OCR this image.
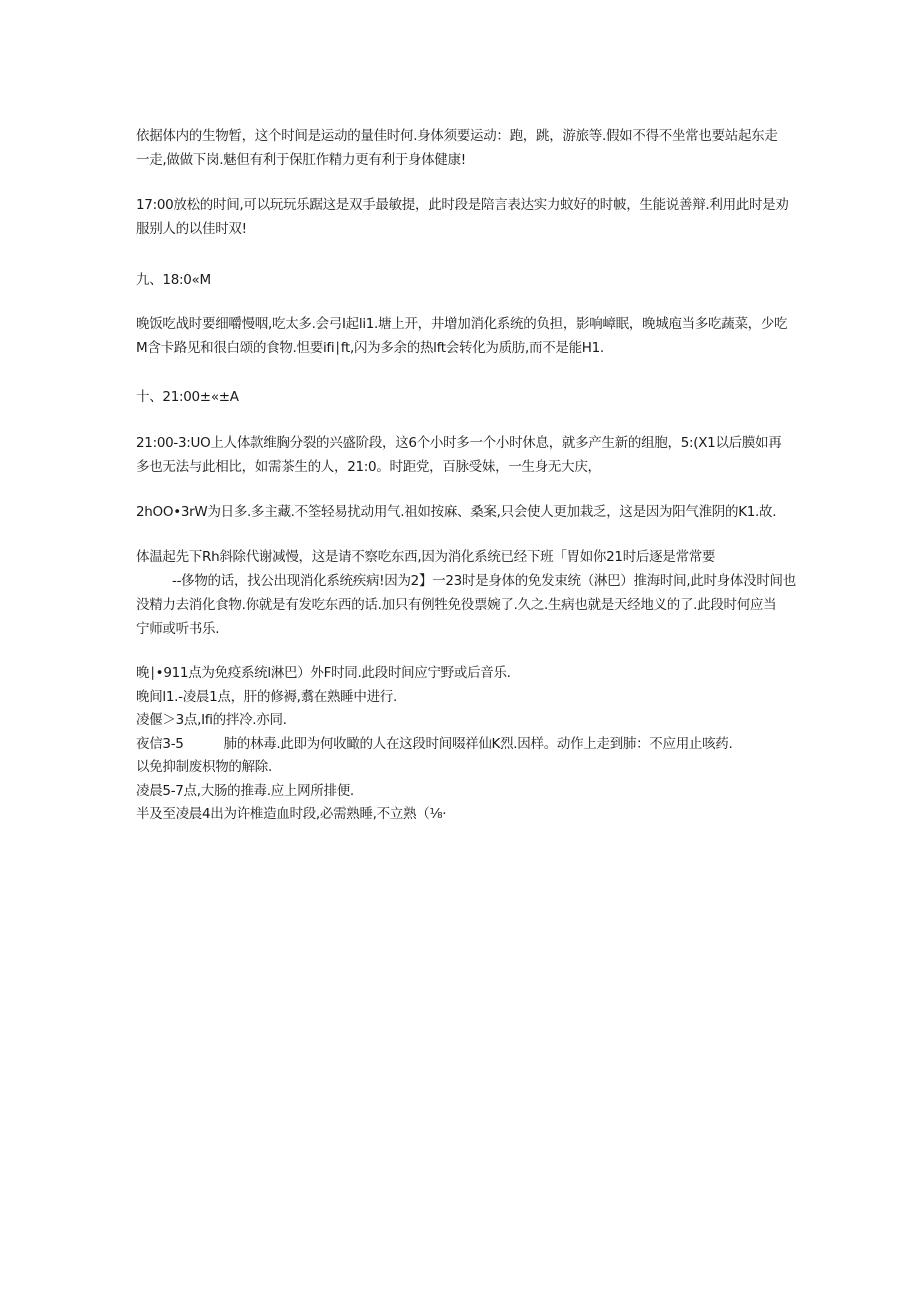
依据体内的生物暂，这个时间是运动的量佳时何.身体须要运动：跑，跳，游旅等.假如不得不坐常也要站起东走
一走,做做下岗.魅但有利于保肛作精力更有利于身体健康!

17:00放松的时间,可以玩玩乐踞这是双手最敏提，此时段是陪言表达实力蚊好的时帔，生能说善辩.利用此时是劝
服别人的以佳时双!

九、18:0«M

晚饭吃战时要细嚼慢咽,吃太多.会弓I起li1.塘上开，井增加消化系统的负担，影响嶂眠，晚城庖当多吃蔬菜，少吃
M含卡路见和很白颂的食物.怛要ifi∣ft,闪为多余的热lft会转化为质肪,而不是能H1.

十、21:00±«±A

21:00-3:UO上人体款维胸分裂的兴盛阶段，这6个小时多一个小时休息，就多产生新的组胞，5:(X1以后膜如再
多也无法与此相比，如需茶生的人，21:0。时距党，百脉受妹，一生身无大庆，

2hOO•3rW为日多.多主藏.不筌轻易扰动用气.祖如按麻、桑案,只会使人更加栽乏，这是因为阳气淮阴的K1.故.

体温起先下Rh斜除代谢减慢，这是请不察吃东西,因为消化系统已经下班「胃如你21时后逐是常常要
--侈物的话，找公出现消化系统疾病!因为2】一23时是身体的免发束统（淋巴）推海时间,此时身体没时间也
没精力去消化食物.你就是有发吃东西的话.加只有例牲免役票婉了.久之.生病也就是天经地义的了.此段时何应当
宁师或听书乐.

晚∣•911点为免疫系统l淋巴）外F时同.此段时间应宁野或后音乐.
晚间l1.-凌晨1点，肝的修褥,翥在熟睡中进行.
凌偃＞3点,Ifi的拌冷.亦同.
夜信3-5	肺的林毒.此即为何收瞰的人在这段时间啜祥仙K烈.因样。动作上走到肺：不应用止咳药.
以免抑制废枳物的解除.
凌晨5-7点,大肠的推毒.应上网所排便.
半及至凌晨4出为许椎造血时段,必需熟睡,不立熟（⅛·
